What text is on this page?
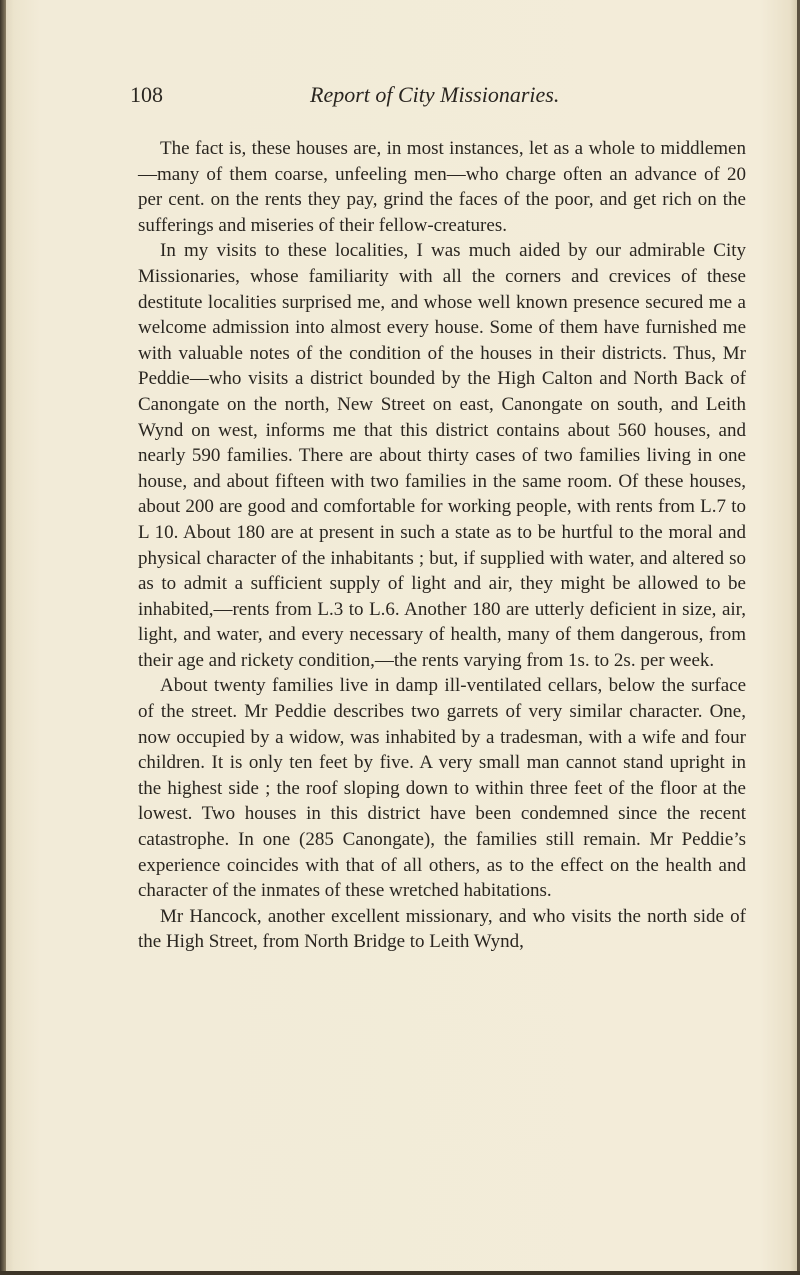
108	Report of City Missionaries.

The fact is, these houses are, in most instances, let as a whole to middlemen—many of them coarse, unfeeling men—who charge often an advance of 20 per cent. on the rents they pay, grind the faces of the poor, and get rich on the sufferings and miseries of their fellow-creatures.

In my visits to these localities, I was much aided by our admirable City Missionaries, whose familiarity with all the corners and crevices of these destitute localities surprised me, and whose well known presence secured me a welcome admission into almost every house. Some of them have furnished me with valuable notes of the condition of the houses in their districts. Thus, Mr Peddie—who visits a district bounded by the High Calton and North Back of Canongate on the north, New Street on east, Canongate on south, and Leith Wynd on west, informs me that this district contains about 560 houses, and nearly 590 families. There are about thirty cases of two families living in one house, and about fifteen with two families in the same room. Of these houses, about 200 are good and comfortable for working people, with rents from L.7 to L 10. About 180 are at present in such a state as to be hurtful to the moral and physical character of the inhabitants ; but, if supplied with water, and altered so as to admit a sufficient supply of light and air, they might be allowed to be inhabited,—rents from L.3 to L.6. Another 180 are utterly deficient in size, air, light, and water, and every necessary of health, many of them dangerous, from their age and rickety condition,—the rents varying from 1s. to 2s. per week.

About twenty families live in damp ill-ventilated cellars, below the surface of the street. Mr Peddie describes two garrets of very similar character. One, now occupied by a widow, was inhabited by a tradesman, with a wife and four children. It is only ten feet by five. A very small man cannot stand upright in the highest side ; the roof sloping down to within three feet of the floor at the lowest. Two houses in this district have been condemned since the recent catastrophe. In one (285 Canongate), the families still remain. Mr Peddie’s experience coincides with that of all others, as to the effect on the health and character of the inmates of these wretched habitations.

Mr Hancock, another excellent missionary, and who visits the north side of the High Street, from North Bridge to Leith Wynd,
